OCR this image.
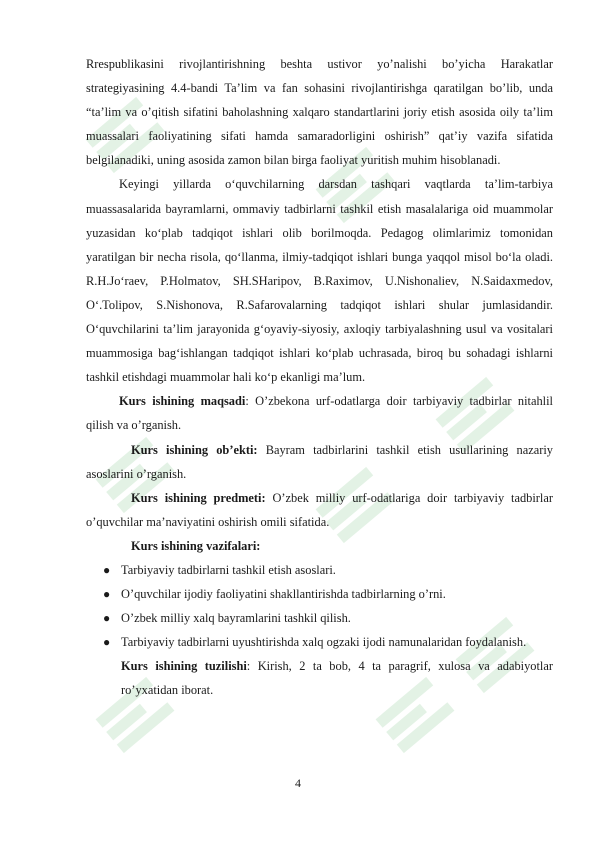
Rrespublikasini rivojlantirishning beshta ustivor yo’nalishi bo’yicha Harakatlar strategiyasining 4.4-bandi Ta’lim va fan sohasini rivojlantirishga qaratilgan bo’lib, unda “ta’lim va o’qitish sifatini baholashning xalqaro standartlarini joriy etish asosida oily ta’lim muassalari faoliyatining sifati hamda samaradorligini oshirish” qat’iy vazifa sifatida belgilanadiki, uning asosida zamon bilan birga faoliyat yuritish muhim hisoblanadi.

Keyingi yillarda o‘quvchilarning darsdan tashqari vaqtlarda ta’lim-tarbiya muassasalarida bayramlarni, ommaviy tadbirlarni tashkil etish masalalariga oid muammolar yuzasidan ko‘plab tadqiqot ishlari olib borilmoqda. Pedagog olimlarimiz tomonidan yaratilgan bir necha risola, qo‘llanma, ilmiy-tadqiqot ishlari bunga yaqqol misol bo‘la oladi. R.H.Jo‘raev, P.Holmatov, SH.SHaripov, B.Raximov, U.Nishonaliev, N.Saidaxmedov, O‘.Tolipov, S.Nishonova, R.Safarovalarning tadqiqot ishlari shular jumlasidandir. O‘quvchilarini ta’lim jarayonida g‘oyaviy-siyosiy, axloqiy tarbiyalashning usul va vositalari muammosiga bag‘ishlangan tadqiqot ishlari ko‘plab uchrasada, biroq bu sohadagi ishlarni tashkil etishdagi muammolar hali ko‘p ekanligi ma’lum.

Kurs ishining maqsadi: O’zbekona urf-odatlarga doir tarbiyaviy tadbirlar nitahlil qilish va o’rganish.

Kurs ishining ob’ekti: Bayram tadbirlarini tashkil etish usullarining nazariy asoslarini o’rganish.

Kurs ishining predmeti: O’zbek milliy urf-odatlariga doir tarbiyaviy tadbirlar o’quvchilar ma’naviyatini oshirish omili sifatida.

Kurs ishining vazifalari:
● Tarbiyaviy tadbirlarni tashkil etish asoslari.
● O’quvchilar ijodiy faoliyatini shakllantirishda tadbirlarning o’rni.
● O’zbek milliy xalq bayramlarini tashkil qilish.
● Tarbiyaviy tadbirlarni uyushtirishda xalq ogzaki ijodi namunalaridan foydalanish.

Kurs ishining tuzilishi: Kirish, 2 ta bob, 4 ta paragrif, xulosa va adabiyotlar ro’yxatidan iborat.

4
